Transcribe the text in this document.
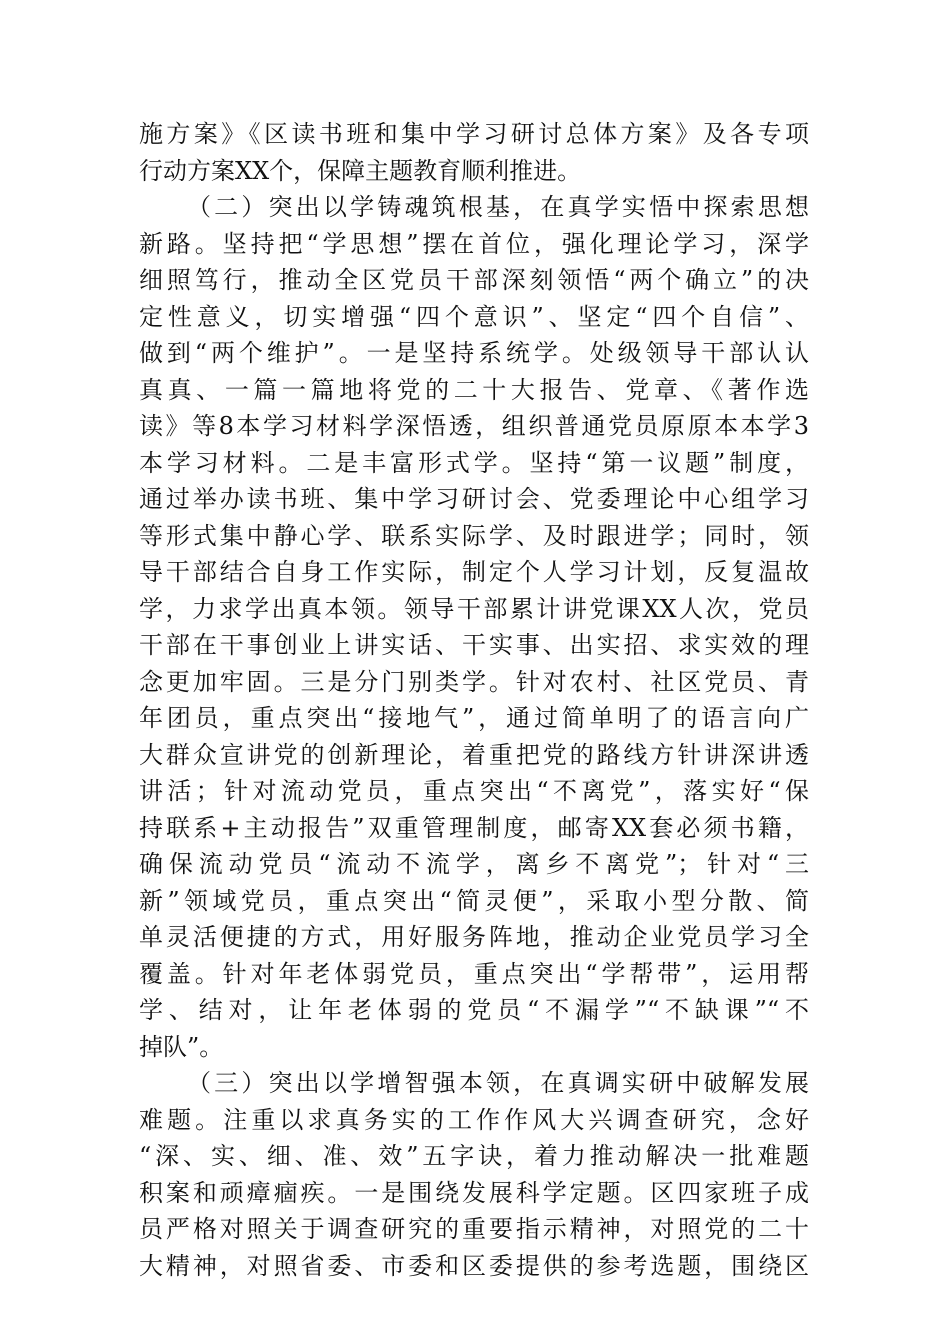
施方案》《区读书班和集中学习研讨总体方案》及各专项
行动方案XX个，保障主题教育顺利推进。
（二）突出以学铸魂筑根基，在真学实悟中探索思想
新路。坚持把“学思想”摆在首位，强化理论学习，深学
细照笃行，推动全区党员干部深刻领悟“两个确立”的决
定性意义，切实增强“四个意识”、坚定“四个自信”、
做到“两个维护”。一是坚持系统学。处级领导干部认认
真真、一篇一篇地将党的二十大报告、党章、《著作选
读》等8本学习材料学深悟透，组织普通党员原原本本学3
本学习材料。二是丰富形式学。坚持“第一议题”制度，
通过举办读书班、集中学习研讨会、党委理论中心组学习
等形式集中静心学、联系实际学、及时跟进学；同时，领
导干部结合自身工作实际，制定个人学习计划，反复温故
学，力求学出真本领。领导干部累计讲党课XX人次，党员
干部在干事创业上讲实话、干实事、出实招、求实效的理
念更加牢固。三是分门别类学。针对农村、社区党员、青
年团员，重点突出“接地气”，通过简单明了的语言向广
大群众宣讲党的创新理论，着重把党的路线方针讲深讲透
讲活；针对流动党员，重点突出“不离党”，落实好“保
持联系+主动报告”双重管理制度，邮寄XX套必须书籍，
确保流动党员“流动不流学，离乡不离党”；针对“三
新”领域党员，重点突出“简灵便”，采取小型分散、简
单灵活便捷的方式，用好服务阵地，推动企业党员学习全
覆盖。针对年老体弱党员，重点突出“学帮带”，运用帮
学、结对，让年老体弱的党员“不漏学”“不缺课”“不
掉队”。
（三）突出以学增智强本领，在真调实研中破解发展
难题。注重以求真务实的工作作风大兴调查研究，念好
“深、实、细、准、效”五字诀，着力推动解决一批难题
积案和顽瘴痼疾。一是围绕发展科学定题。区四家班子成
员严格对照关于调查研究的重要指示精神，对照党的二十
大精神，对照省委、市委和区委提供的参考选题，围绕区
